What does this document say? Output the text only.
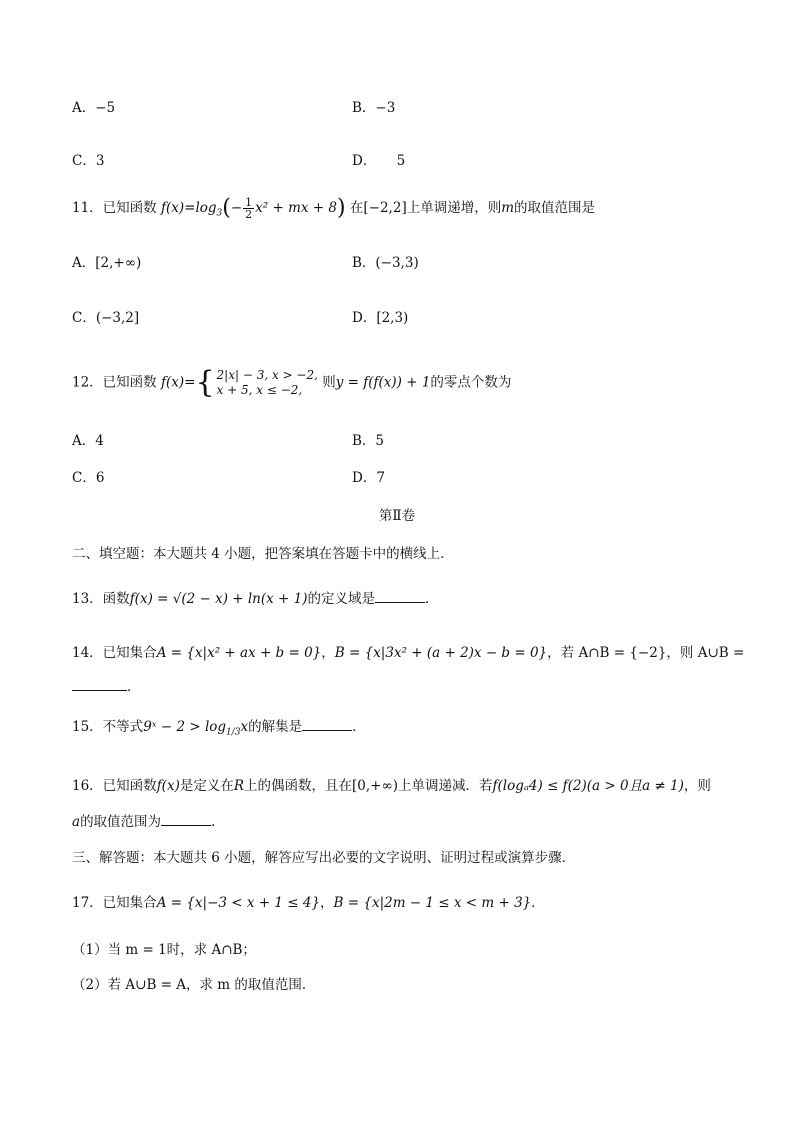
A．−5	B．−3
C．3	D．　　5
11．已知函数 $f(x)=\log_3(- \frac{1}{2} x^2$ + mx + 8) 在[−2,2]上单调递增，则m的取值范围是
A．[2,+∞)	B．(−3,3)
C．(−3,2]	D．[2,3)
12．已知函数 f(x)={ 2|x| − 3, x > −2,
x + 5, x ≤ −2,	则y = f(f(x)) + 1的零点个数为
A．4	B．5
C．6	D．7
第Ⅱ卷
二、填空题：本大题共 4 小题，把答案填在答题卡中的横线上．
13．函数f(x) = √(2 − x) + ln(x + 1)的定义域是	．
14．已知集合A = {x|x² + ax + b = 0}，B = {x|3x² + (a + 2)x − b = 0}，若 A∩B = {−2}，则 A∪B =
．
15．不等式9ˣ − $2 > \log_{1/3}x$的解集是	．
16．已知函数f(x)是定义在R上的偶函数，且在[0,+∞)上单调递减．若f(logₐ4) ≤ f(2)(a > 0且a ≠ 1)，则
a的取值范围为	．
三、解答题：本大题共 6 小题，解答应写出必要的文字说明、证明过程或演算步骤．
17．已知集合A = {x|−3 < x + 1 ≤ 4}，B = {x|2m − 1 ≤ x < m + 3}．
（1）当 m = 1时，求 A∩B；
（2）若 A∪B = A，求 m 的取值范围．
